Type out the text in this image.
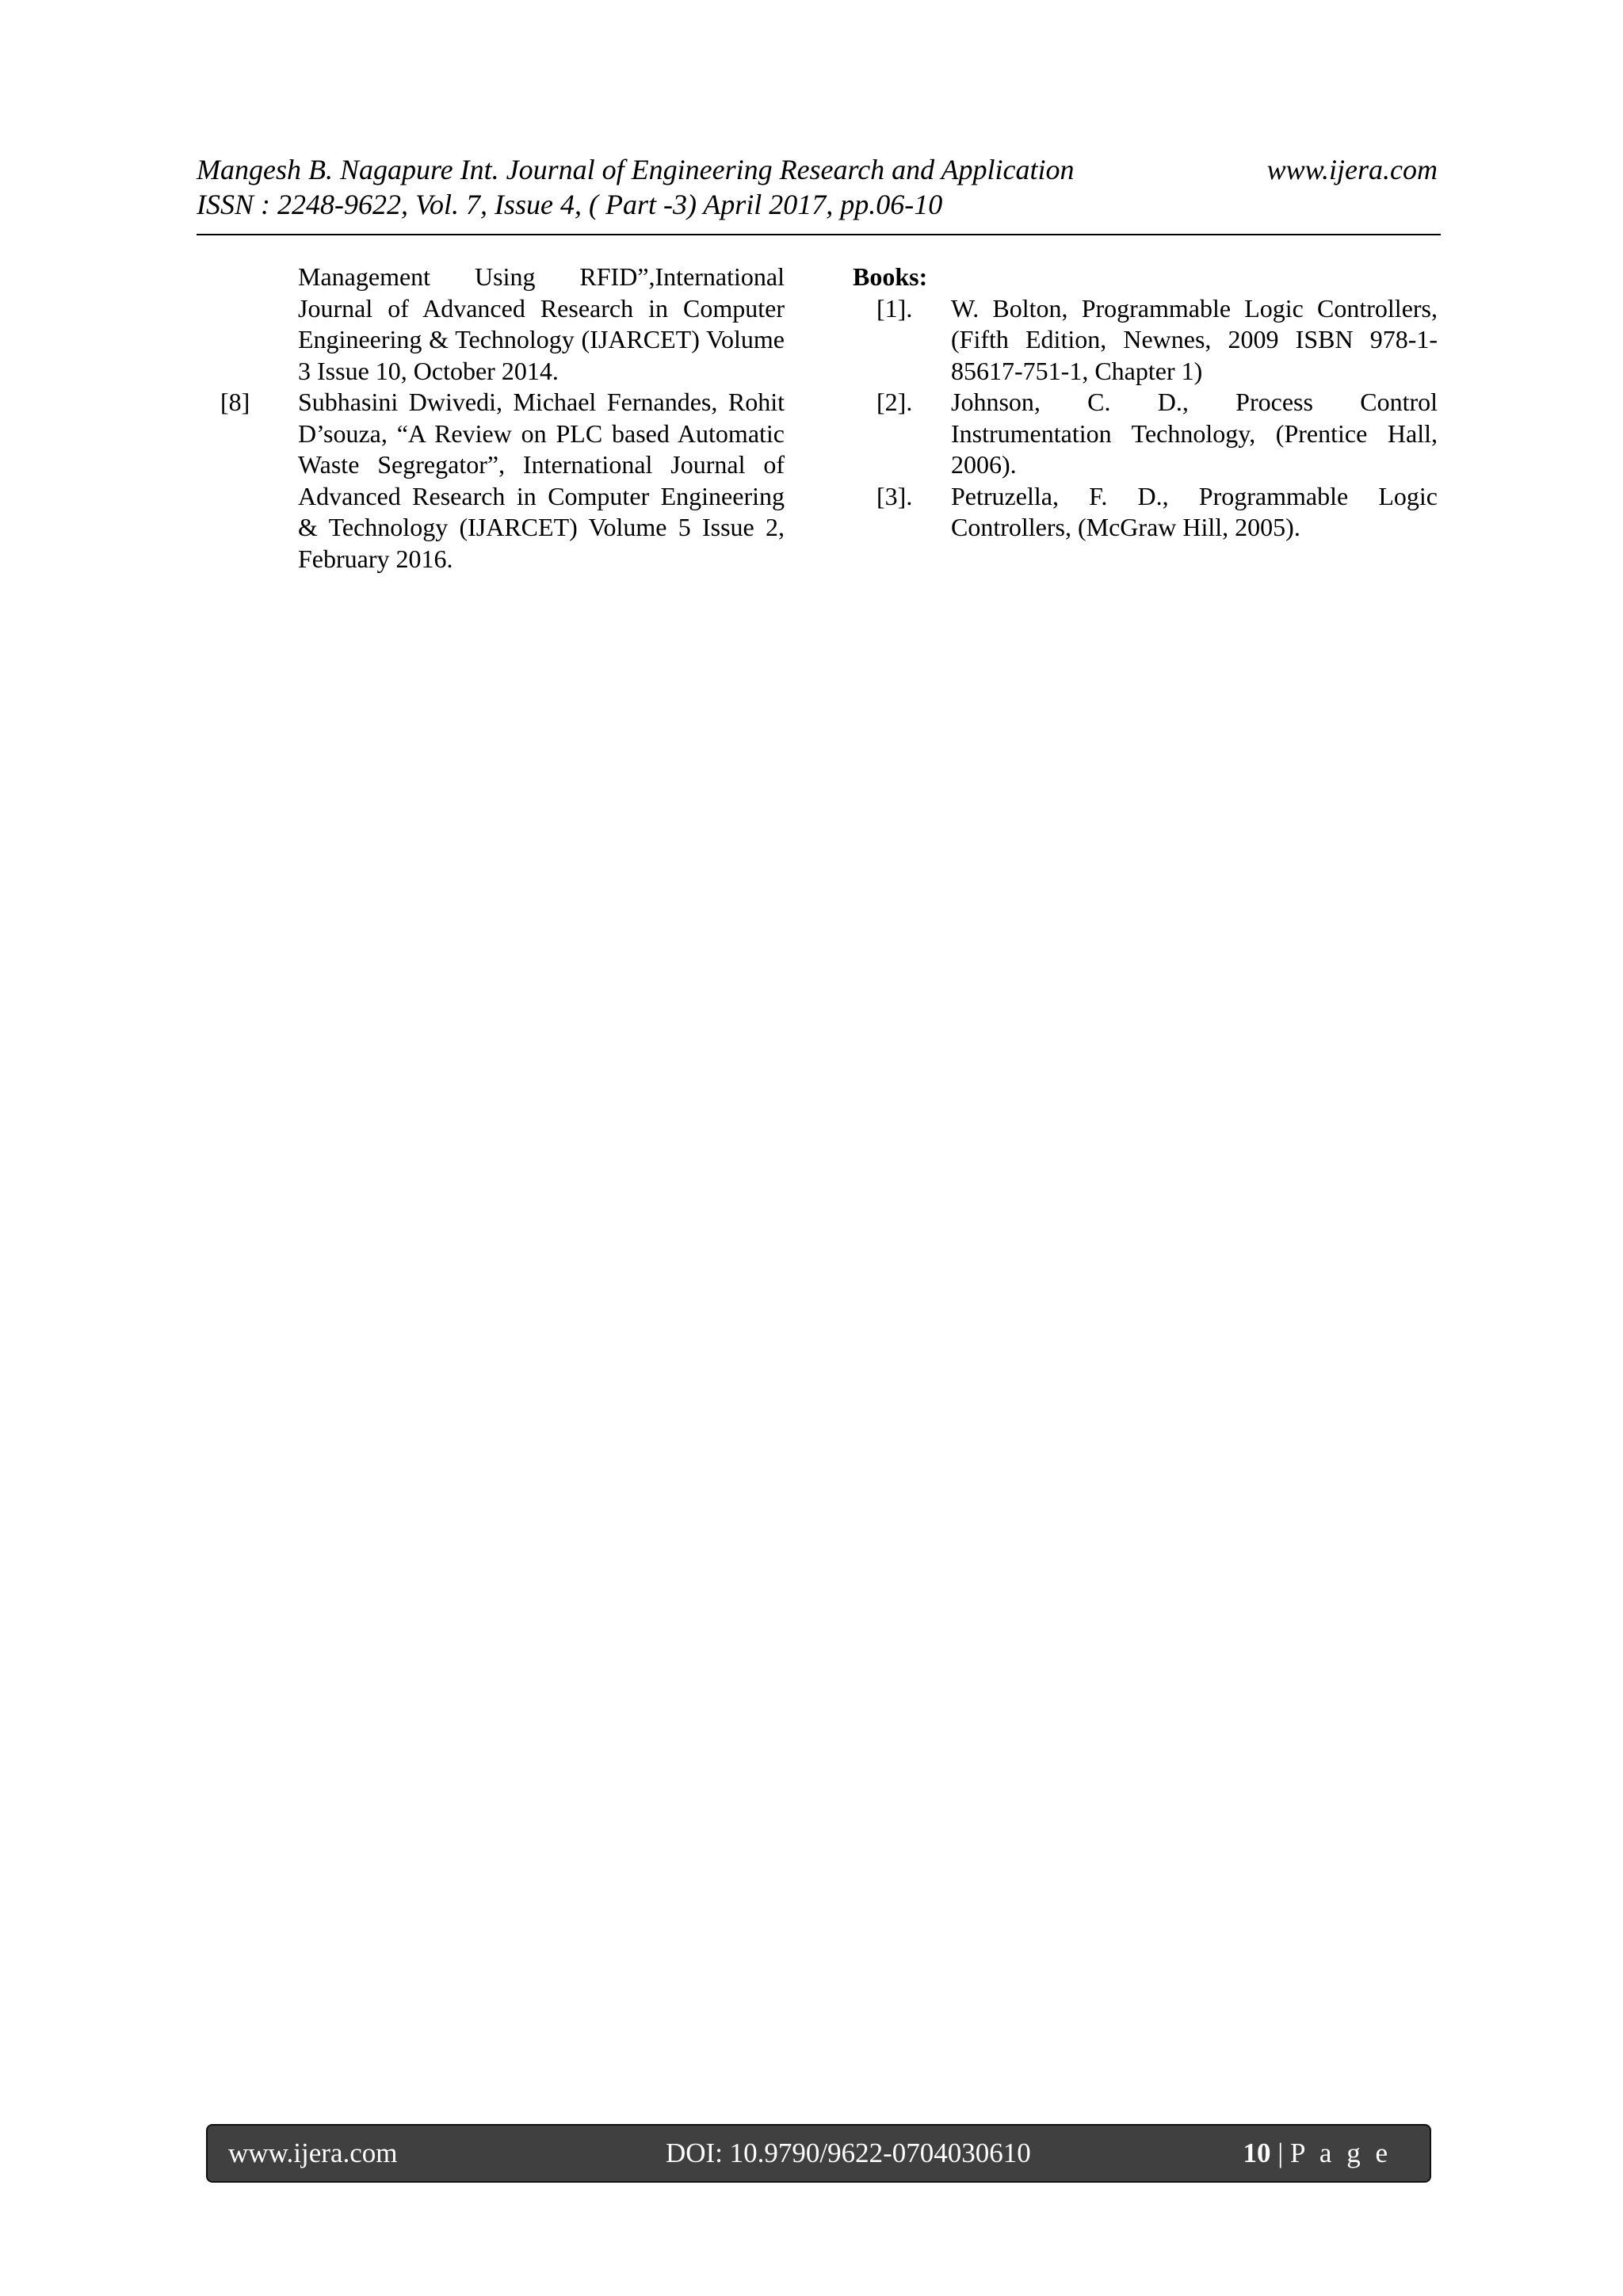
Mangesh B. Nagapure Int. Journal of Engineering Research and Application	www.ijera.com
ISSN : 2248-9622, Vol. 7, Issue 4, ( Part -3) April 2017, pp.06-10
Management Using RFID”,International Journal of Advanced Research in Computer Engineering & Technology (IJARCET) Volume 3 Issue 10, October 2014.
[8]	Subhasini Dwivedi, Michael Fernandes, Rohit D’souza, “A Review on PLC based Automatic Waste Segregator”, International Journal of Advanced Research in Computer Engineering & Technology (IJARCET) Volume 5 Issue 2, February 2016.
Books:
[1].	W. Bolton, Programmable Logic Controllers, (Fifth Edition, Newnes, 2009 ISBN 978-1- 85617-751-1, Chapter 1)
[2].	Johnson, C. D., Process Control Instrumentation Technology, (Prentice Hall, 2006).
[3].	Petruzella, F. D., Programmable Logic Controllers, (McGraw Hill, 2005).
www.ijera.com	DOI: 10.9790/9622-0704030610	10 | P a g e
